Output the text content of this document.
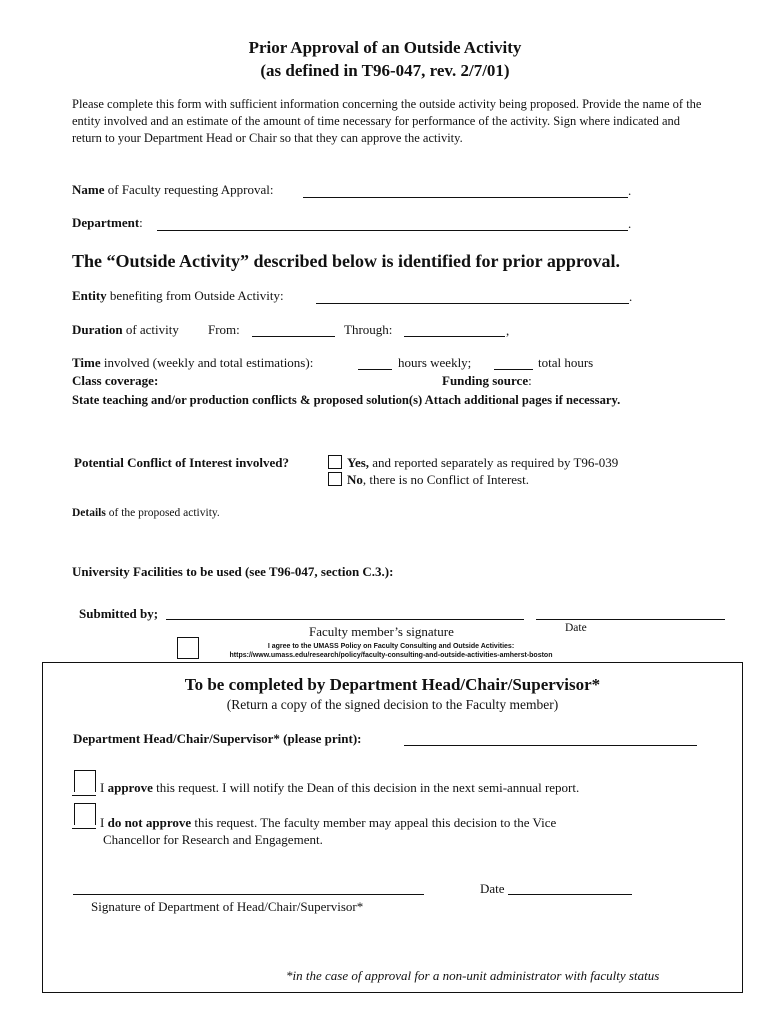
Prior Approval of an Outside Activity
(as defined in T96-047, rev. 2/7/01)
Please complete this form with sufficient information concerning the outside activity being proposed. Provide the name of the entity involved and an estimate of the amount of time necessary for performance of the activity. Sign where indicated and return to your Department Head or Chair so that they can approve the activity.
Name of Faculty requesting Approval:	.
Department:	.
The “Outside Activity” described below is identified for prior approval.
Entity benefiting from Outside Activity:	.
Duration of activity From:	Through:	,
Time involved (weekly and total estimations):	hours weekly;	total hours
Class coverage:	Funding source:
State teaching and/or production conflicts & proposed solution(s) Attach additional pages if necessary.
Potential Conflict of Interest involved?	Yes, and reported separately as required by T96-039
No, there is no Conflict of Interest.
Details of the proposed activity.
University Facilities to be used (see T96-047, section C.3.):
Submitted by;
Date
Faculty member’s signature
I agree to the UMASS Policy on Faculty Consulting and Outside Activities:
https://www.umass.edu/research/policy/faculty-consulting-and-outside-activities-amherst-boston
To be completed by Department Head/Chair/Supervisor*
(Return a copy of the signed decision to the Faculty member)
Department Head/Chair/Supervisor* (please print):
I approve this request. I will notify the Dean of this decision in the next semi-annual report.
I do not approve this request. The faculty member may appeal this decision to the Vice
Chancellor for Research and Engagement.
Date
Signature of Department of Head/Chair/Supervisor*
*in the case of approval for a non-unit administrator with faculty status
